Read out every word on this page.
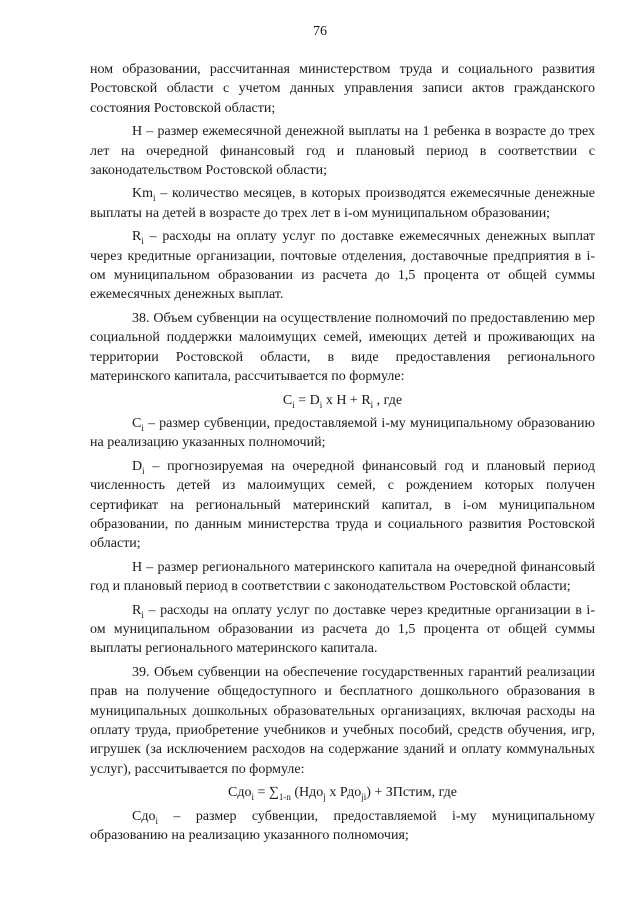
76

ном образовании, рассчитанная министерством труда и социального развития Ростовской области с учетом данных управления записи актов гражданского состояния Ростовской области;

Н – размер ежемесячной денежной выплаты на 1 ребенка в возрасте до трех лет на очередной финансовый год и плановый период в соответствии с законодательством Ростовской области;

$Km_i$ – количество месяцев, в которых производятся ежемесячные денежные выплаты на детей в возрасте до трех лет в i-ом муниципальном образовании;

$R_i$ – расходы на оплату услуг по доставке ежемесячных денежных выплат через кредитные организации, почтовые отделения, доставочные предприятия в i-ом муниципальном образовании из расчета до 1,5 процента от общей суммы ежемесячных денежных выплат.

38. Объем субвенции на осуществление полномочий по предоставлению мер социальной поддержки малоимущих семей, имеющих детей и проживающих на территории Ростовской области, в виде предоставления регионального материнского капитала, рассчитывается по формуле:

$C_i = D_i$ х $Н + R_i$ , где

$C_i$ – размер субвенции, предоставляемой i-му муниципальному образованию на реализацию указанных полномочий;

$D_i$ – прогнозируемая на очередной финансовый год и плановый период численность детей из малоимущих семей, с рождением которых получен сертификат на региональный материнский капитал, в i-ом муниципальном образовании, по данным министерства труда и социального развития Ростовской области;

Н – размер регионального материнского капитала на очередной финансовый год и плановый период в соответствии с законодательством Ростовской области;

$R_i$ – расходы на оплату услуг по доставке через кредитные организации в i-ом муниципальном образовании из расчета до 1,5 процента от общей суммы выплаты регионального материнского капитала.

39. Объем субвенции на обеспечение государственных гарантий реализации прав на получение общедоступного и бесплатного дошкольного образования в муниципальных дошкольных образовательных организациях, включая расходы на оплату труда, приобретение учебников и учебных пособий, средств обучения, игр, игрушек (за исключением расходов на содержание зданий и оплату коммунальных услуг), рассчитывается по формуле:

$Сдо_i = \sum_{1-n}$ (Ндо$_j$ х Рдо$_{ji}$) + ЗПстим, где

Сдо$_i$ – размер субвенции, предоставляемой i-му муниципальному образованию на реализацию указанного полномочия;
